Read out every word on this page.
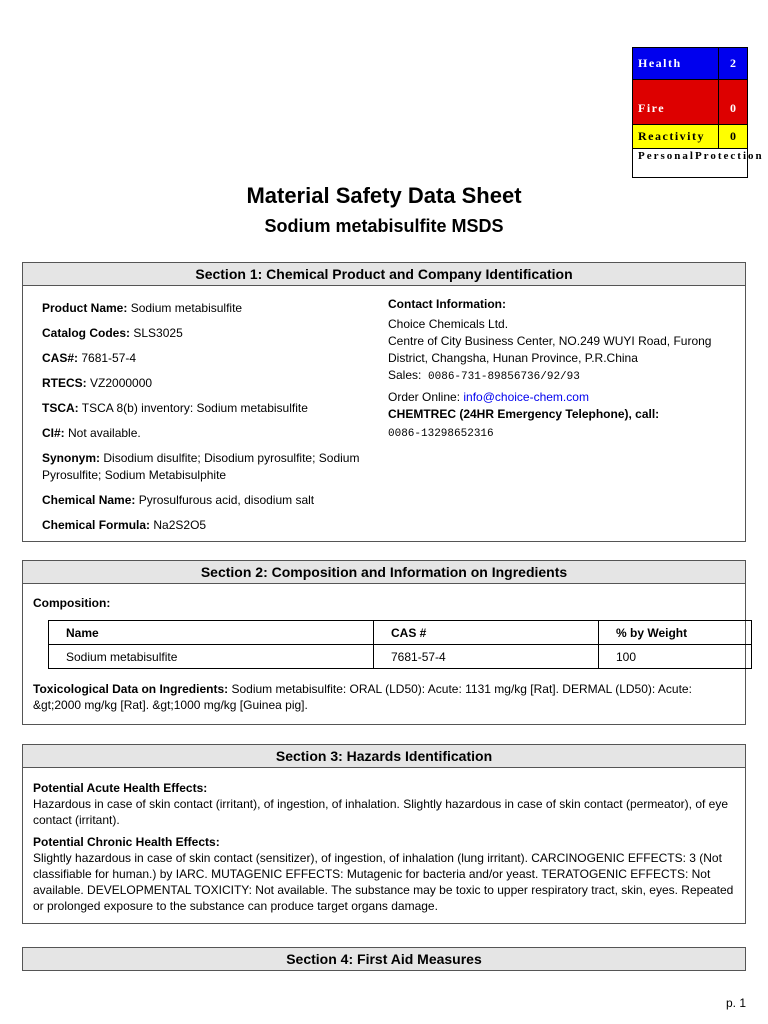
Health	2
Fire	0
Reactivity	0
Personal Protection
Material Safety Data Sheet
Sodium metabisulfite MSDS
Section 1: Chemical Product and Company Identification
Product Name: Sodium metabisulfite
Catalog Codes: SLS3025
CAS#: 7681-57-4
RTECS: VZ2000000
TSCA: TSCA 8(b) inventory: Sodium metabisulfite
CI#: Not available.
Synonym: Disodium disulfite; Disodium pyrosulfite; Sodium Pyrosulfite; Sodium Metabisulphite
Chemical Name: Pyrosulfurous acid, disodium salt
Chemical Formula: Na2S2O5
Contact Information:
Choice Chemicals Ltd.
Centre of City Business Center, NO.249 WUYI Road, Furong
District, Changsha, Hunan Province, P.R.China
Sales: 0086-731-89856736/92/93
Order Online: info@choice-chem.com
CHEMTREC (24HR Emergency Telephone), call:
0086-13298652316
Section 2: Composition and Information on Ingredients
Composition:
Name	CAS #	% by Weight
Sodium metabisulfite	7681-57-4	100
Toxicological Data on Ingredients: Sodium metabisulfite: ORAL (LD50): Acute: 1131 mg/kg [Rat]. DERMAL (LD50): Acute: &gt;2000 mg/kg [Rat]. &gt;1000 mg/kg [Guinea pig].
Section 3: Hazards Identification

Potential Acute Health Effects:
Hazardous in case of skin contact (irritant), of ingestion, of inhalation. Slightly hazardous in case of skin contact (permeator), of eye contact (irritant).

Potential Chronic Health Effects:
Slightly hazardous in case of skin contact (sensitizer), of ingestion, of inhalation (lung irritant). CARCINOGENIC EFFECTS: 3 (Not classifiable for human.) by IARC. MUTAGENIC EFFECTS: Mutagenic for bacteria and/or yeast. TERATOGENIC EFFECTS: Not available. DEVELOPMENTAL TOXICITY: Not available. The substance may be toxic to upper respiratory tract, skin, eyes. Repeated or prolonged exposure to the substance can produce target organs damage.

Section 4: First Aid Measures
p. 1
